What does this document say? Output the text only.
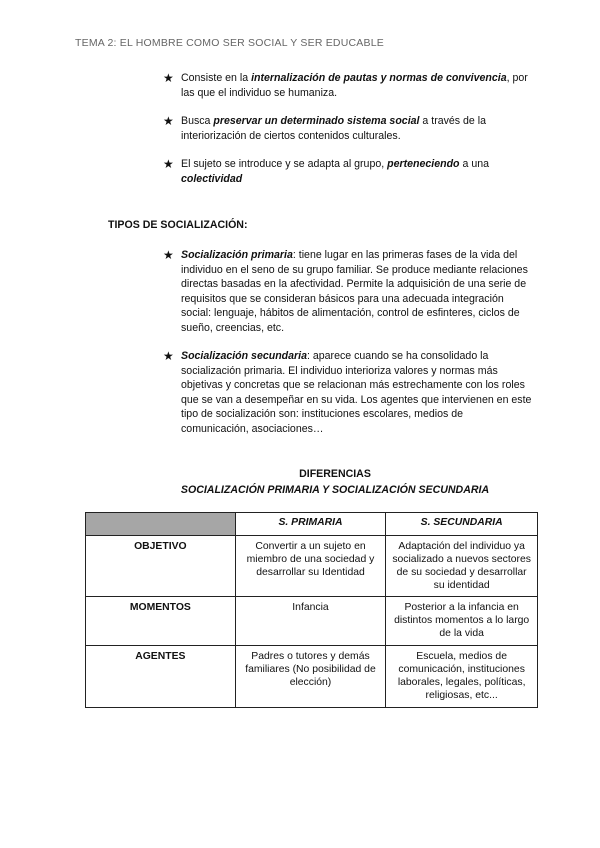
TEMA 2: EL HOMBRE COMO SER SOCIAL Y SER EDUCABLE
★ Consiste en la internalización de pautas y normas de convivencia, por las que el individuo se humaniza.
★ Busca preservar un determinado sistema social a través de la interiorización de ciertos contenidos culturales.
★ El sujeto se introduce y se adapta al grupo, perteneciendo a una colectividad
TIPOS DE SOCIALIZACIÓN:
★ Socialización primaria: tiene lugar en las primeras fases de la vida del individuo en el seno de su grupo familiar. Se produce mediante relaciones directas basadas en la afectividad. Permite la adquisición de una serie de requisitos que se consideran básicos para una adecuada integración social: lenguaje, hábitos de alimentación, control de esfinteres, ciclos de sueño, creencias, etc.
★ Socialización secundaria: aparece cuando se ha consolidado la socialización primaria. El individuo interioriza valores y normas más objetivas y concretas que se relacionan más estrechamente con los roles que se van a desempeñar en su vida. Los agentes que intervienen en este tipo de socialización son: instituciones escolares, medios de comunicación, asociaciones…
DIFERENCIAS
SOCIALIZACIÓN PRIMARIA Y SOCIALIZACIÓN SECUNDARIA
	S. PRIMARIA	S. SECUNDARIA
OBJETIVO	Convertir a un sujeto en miembro de una sociedad y desarrollar su Identidad	Adaptación del individuo ya socializado a nuevos sectores de su sociedad y desarrollar su identidad
MOMENTOS	Infancia	Posterior a la infancia en distintos momentos a lo largo de la vida
AGENTES	Padres o tutores y demás familiares (No posibilidad de elección)	Escuela, medios de comunicación, instituciones laborales, legales, políticas, religiosas, etc...
